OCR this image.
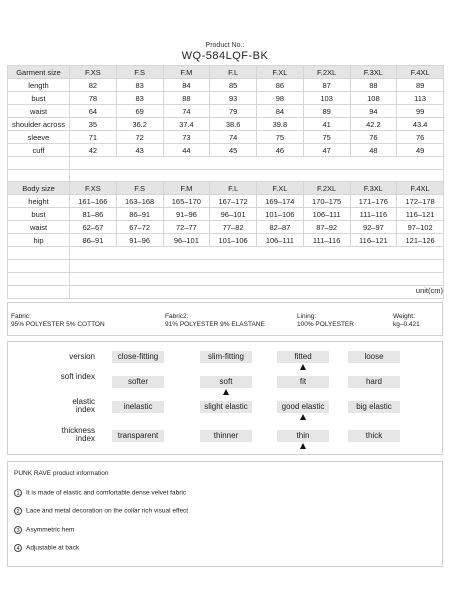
Product No.:
WQ-584LQF-BK
Garment size	F.XS	F.S	F.M	F.L	F.XL	F.2XL	F.3XL	F.4XL
length	82	83	84	85	86	87	88	89
bust	78	83	88	93	98	103	108	113
waist	64	69	74	79	84	89	94	99
shoulder across	35	36.2	37.4	38.6	39.8	41	42.2	43.4
sleeve	71	72	73	74	75	75	76	76
cuff	42	43	44	45	46	47	48	49

Body size	F.XS	F.S	F.M	F.L	F.XL	F.2XL	F.3XL	F.4XL
height	161–166	163–168	165–170	167–172	169–174	170–175	171–176	172–178
bust	81–86	86–91	91–96	96–101	101–106	106–111	111–116	116–121
waist	62–67	67–72	72–77	77–82	82–87	87–92	92–97	97–102
hip	86–91	91–96	96–101	101–106	106–111	111–116	116–121	121–126

unit(cm)
Fabric:
95% POLYESTER 5% COTTON
Fabric2:
91% POLYESTER 9% ELASTANE
Lining:
100% POLYESTER
Weight:
kg–0.421
version	close-fitting	slim-fitting	fitted	loose
soft index
softer	soft	fit	hard
elastic index	inelastic	slight elastic	good elastic	big elastic
thickness index	transparent	thinner	thin	thick
PUNK RAVE product information
1 It is made of elastic and comfortable dense velvet fabric
2 Lace and metal decoration on the collar rich visual effect
3 Asymmetric hem
4 Adjustable at back
